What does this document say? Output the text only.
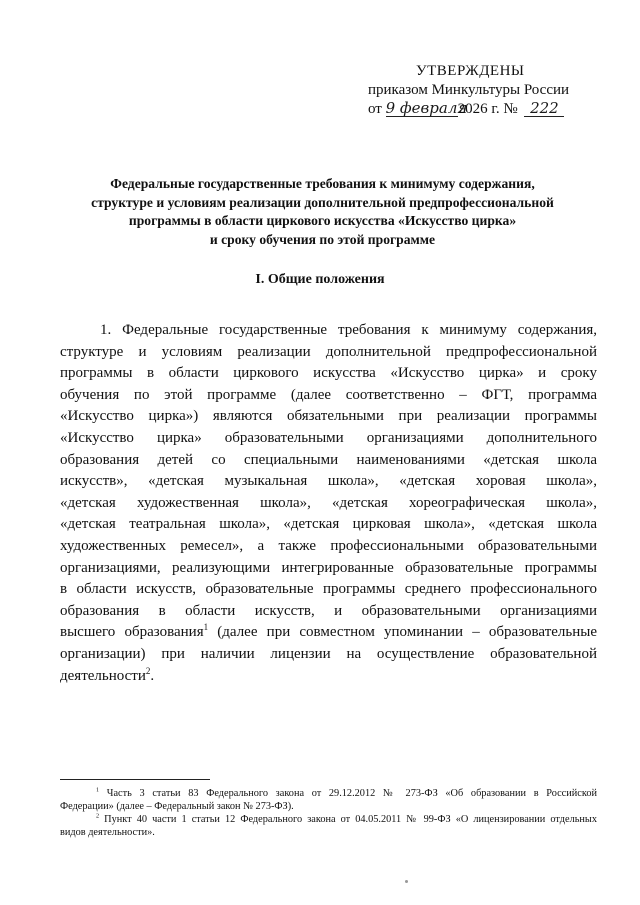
УТВЕРЖДЕНЫ
приказом Минкультуры России
от 9 февраля2026 г. № 222
Федеральные государственные требования к минимуму содержания,
структуре и условиям реализации дополнительной предпрофессиональной
программы в области циркового искусства «Искусство цирка»
и сроку обучения по этой программе
I. Общие положения
1. Федеральные государственные требования к минимуму содержания,
структуре и условиям реализации дополнительной предпрофессиональной
программы в области циркового искусства «Искусство цирка» и сроку
обучения по этой программе (далее соответственно – ФГТ, программа
«Искусство цирка») являются обязательными при реализации программы
«Искусство цирка» образовательными организациями дополнительного
образования детей со специальными наименованиями «детская школа
искусств», «детская музыкальная школа», «детская хоровая школа»,
«детская художественная школа», «детская хореографическая школа»,
«детская театральная школа», «детская цирковая школа», «детская школа
художественных ремесел», а также профессиональными образовательными
организациями, реализующими интегрированные образовательные программы
в области искусств, образовательные программы среднего профессионального
образования в области искусств, и образовательными организациями
высшего образования$^1$ (далее при совместном упоминании – образовательные
организации) при наличии лицензии на осуществление образовательной
деятельности$^2$.
$^1$ Часть 3 статьи 83 Федерального закона от 29.12.2012 № 273-ФЗ «Об образовании в Российской
Федерации» (далее – Федеральный закон № 273-ФЗ).
$^2$ Пункт 40 части 1 статьи 12 Федерального закона от 04.05.2011 № 99-ФЗ «О лицензировании отдельных
видов деятельности».
